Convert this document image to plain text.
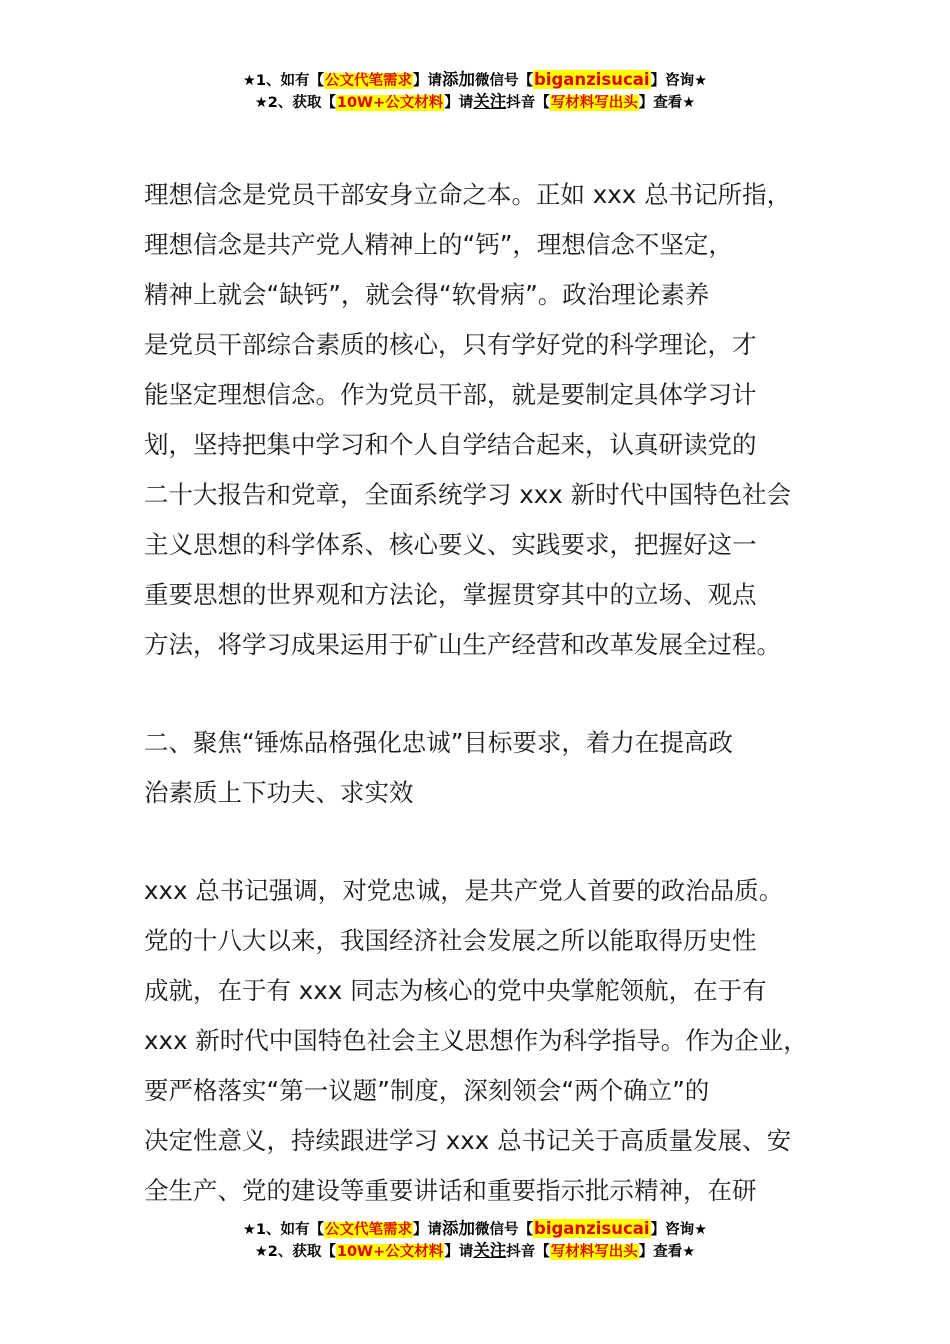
★1、如有【公文代笔需求】请添加微信号【biganzisucai】咨询★
★2、获取【10W+公文材料】请关注抖音【写材料写出头】查看★

理想信念是党员干部安身立命之本。正如 xxx 总书记所指，
理想信念是共产党人精神上的“钙”，理想信念不坚定，
精神上就会“缺钙”，就会得“软骨病”。政治理论素养
是党员干部综合素质的核心，只有学好党的科学理论，才
能坚定理想信念。作为党员干部，就是要制定具体学习计
划，坚持把集中学习和个人自学结合起来，认真研读党的
二十大报告和党章，全面系统学习 xxx 新时代中国特色社会
主义思想的科学体系、核心要义、实践要求，把握好这一
重要思想的世界观和方法论，掌握贯穿其中的立场、观点
方法，将学习成果运用于矿山生产经营和改革发展全过程。

二、聚焦“锤炼品格强化忠诚”目标要求，着力在提高政
治素质上下功夫、求实效

xxx 总书记强调，对党忠诚，是共产党人首要的政治品质。
党的十八大以来，我国经济社会发展之所以能取得历史性
成就，在于有 xxx 同志为核心的党中央掌舵领航，在于有
xxx 新时代中国特色社会主义思想作为科学指导。作为企业，
要严格落实“第一议题”制度，深刻领会“两个确立”的
决定性意义，持续跟进学习 xxx 总书记关于高质量发展、安
全生产、党的建设等重要讲话和重要指示批示精神，在研

★1、如有【公文代笔需求】请添加微信号【biganzisucai】咨询★
★2、获取【10W+公文材料】请关注抖音【写材料写出头】查看★
